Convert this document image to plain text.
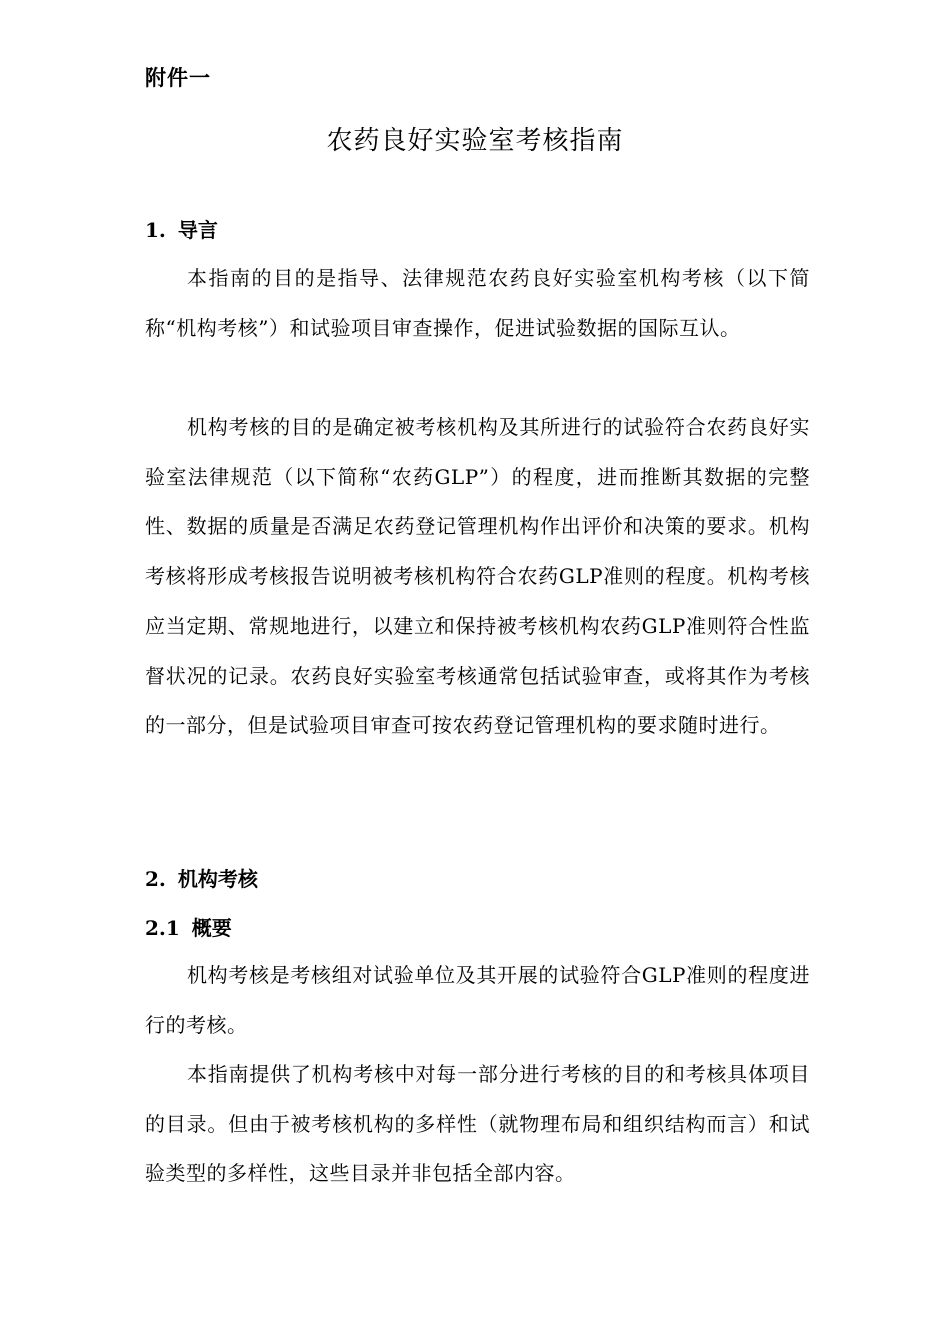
附件一
农药良好实验室考核指南
1. 导言

本指南的目的是指导、法律规范农药良好实验室机构考核（以下简称“机构考核”）和试验项目审查操作，促进试验数据的国际互认。

机构考核的目的是确定被考核机构及其所进行的试验符合农药良好实验室法律规范（以下简称“农药GLP”）的程度，进而推断其数据的完整性、数据的质量是否满足农药登记管理机构作出评价和决策的要求。机构考核将形成考核报告说明被考核机构符合农药GLP准则的程度。机构考核应当定期、常规地进行，以建立和保持被考核机构农药GLP准则符合性监督状况的记录。农药良好实验室考核通常包括试验审查，或将其作为考核的一部分，但是试验项目审查可按农药登记管理机构的要求随时进行。

2. 机构考核
2.1 概要

机构考核是考核组对试验单位及其开展的试验符合GLP准则的程度进行的考核。

本指南提供了机构考核中对每一部分进行考核的目的和考核具体项目的目录。但由于被考核机构的多样性（就物理布局和组织结构而言）和试验类型的多样性，这些目录并非包括全部内容。
